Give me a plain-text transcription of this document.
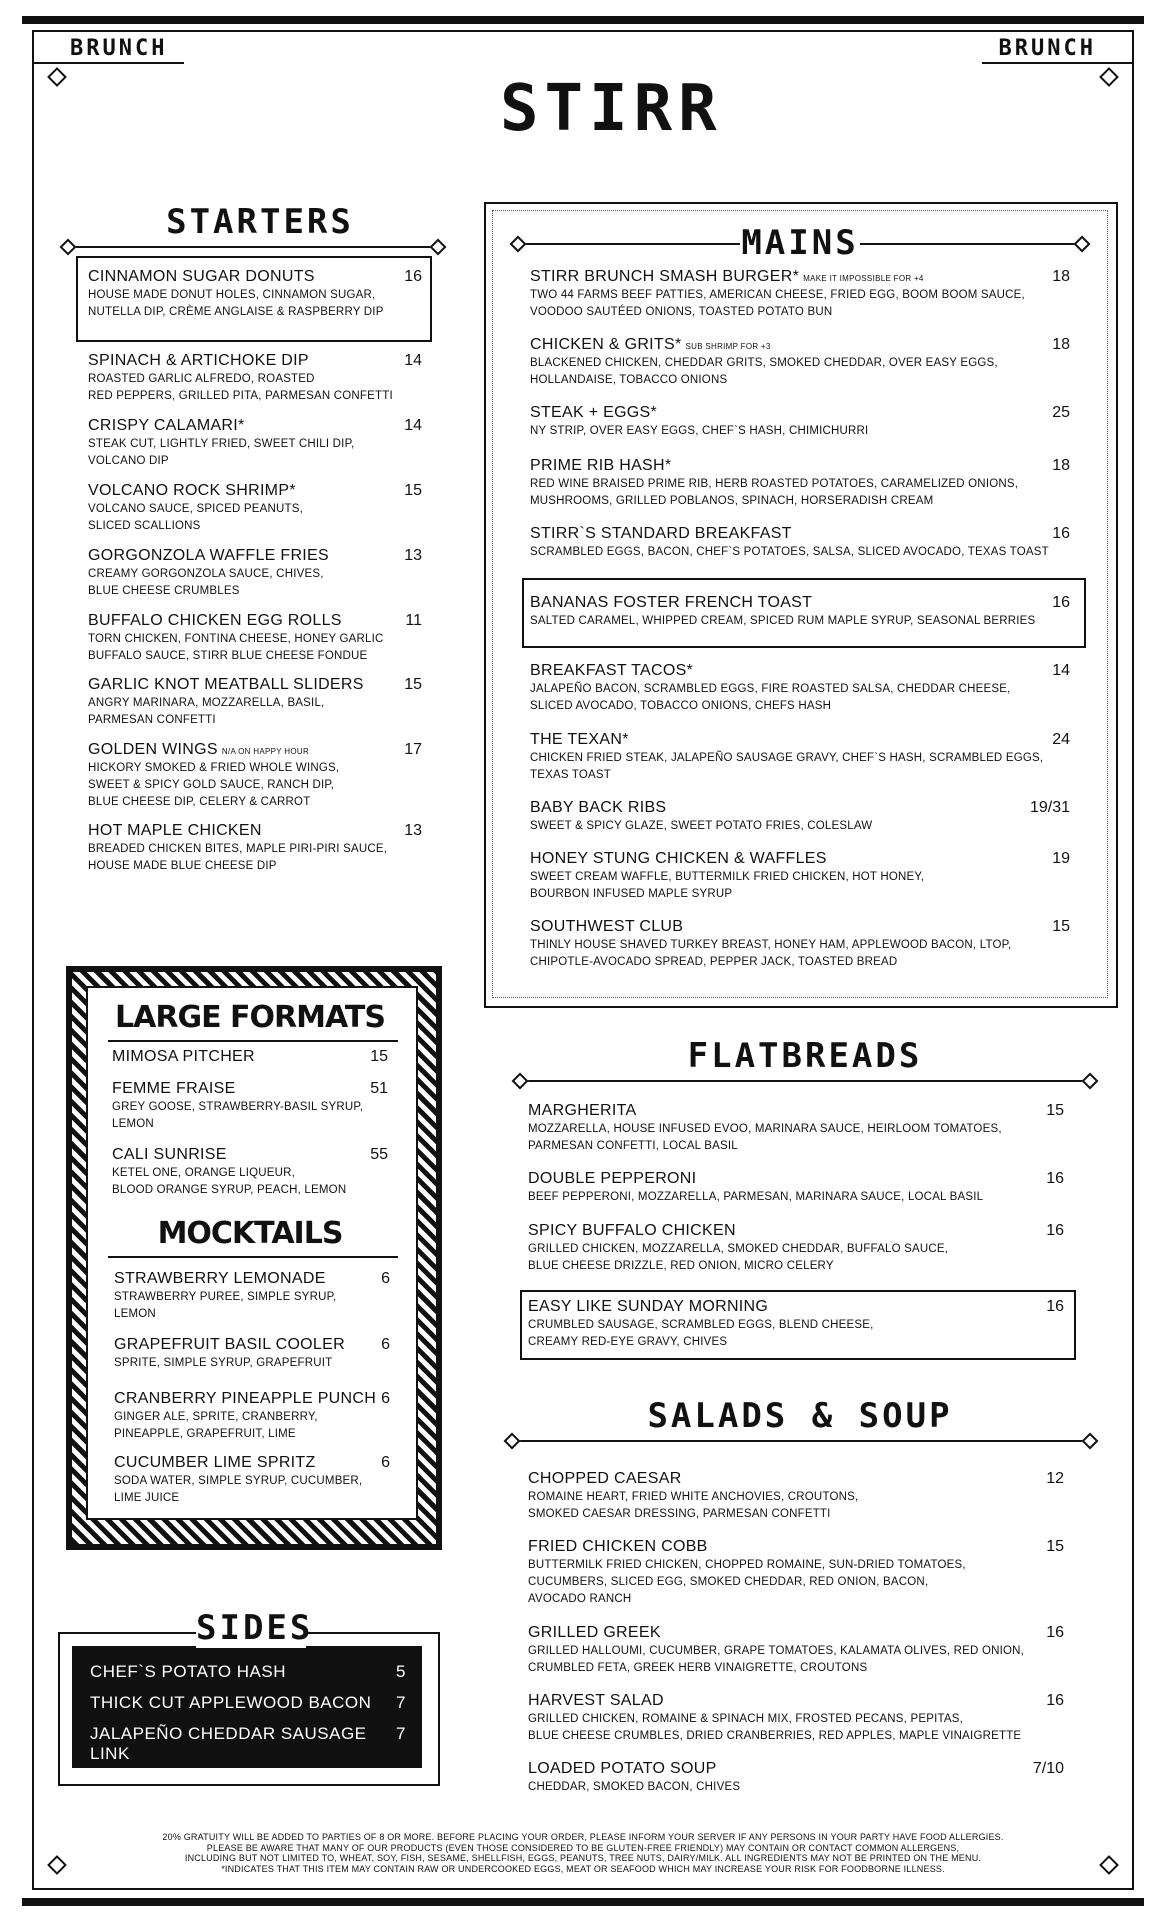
BRUNCH	BRUNCH
STIRR
STARTERS
CINNAMON SUGAR DONUTS	16
HOUSE MADE DONUT HOLES, CINNAMON SUGAR,
NUTELLA DIP, CRÈME ANGLAISE & RASPBERRY DIP
SPINACH & ARTICHOKE DIP	14
ROASTED GARLIC ALFREDO, ROASTED
RED PEPPERS, GRILLED PITA, PARMESAN CONFETTI
CRISPY CALAMARI*	14
STEAK CUT, LIGHTLY FRIED, SWEET CHILI DIP,
VOLCANO DIP
VOLCANO ROCK SHRIMP*	15
VOLCANO SAUCE, SPICED PEANUTS,
SLICED SCALLIONS
GORGONZOLA WAFFLE FRIES	13
CREAMY GORGONZOLA SAUCE, CHIVES,
BLUE CHEESE CRUMBLES
BUFFALO CHICKEN EGG ROLLS	11
TORN CHICKEN, FONTINA CHEESE, HONEY GARLIC
BUFFALO SAUCE, STIRR BLUE CHEESE FONDUE
GARLIC KNOT MEATBALL SLIDERS	15
ANGRY MARINARA, MOZZARELLA, BASIL,
PARMESAN CONFETTI
GOLDEN WINGS N/A ON HAPPY HOUR	17
HICKORY SMOKED & FRIED WHOLE WINGS,
SWEET & SPICY GOLD SAUCE, RANCH DIP,
BLUE CHEESE DIP, CELERY & CARROT
HOT MAPLE CHICKEN	13
BREADED CHICKEN BITES, MAPLE PIRI-PIRI SAUCE,
HOUSE MADE BLUE CHEESE DIP
MAINS
STIRR BRUNCH SMASH BURGER* MAKE IT IMPOSSIBLE FOR +4	18
TWO 44 FARMS BEEF PATTIES, AMERICAN CHEESE, FRIED EGG, BOOM BOOM SAUCE,
VOODOO SAUTÉED ONIONS, TOASTED POTATO BUN
CHICKEN & GRITS* SUB SHRIMP FOR +3	18
BLACKENED CHICKEN, CHEDDAR GRITS, SMOKED CHEDDAR, OVER EASY EGGS,
HOLLANDAISE, TOBACCO ONIONS
STEAK + EGGS*	25
NY STRIP, OVER EASY EGGS, CHEF`S HASH, CHIMICHURRI
PRIME RIB HASH*	18
RED WINE BRAISED PRIME RIB, HERB ROASTED POTATOES, CARAMELIZED ONIONS,
MUSHROOMS, GRILLED POBLANOS, SPINACH, HORSERADISH CREAM
STIRR`S STANDARD BREAKFAST	16
SCRAMBLED EGGS, BACON, CHEF`S POTATOES, SALSA, SLICED AVOCADO, TEXAS TOAST
BANANAS FOSTER FRENCH TOAST	16
SALTED CARAMEL, WHIPPED CREAM, SPICED RUM MAPLE SYRUP, SEASONAL BERRIES
BREAKFAST TACOS*	14
JALAPEÑO BACON, SCRAMBLED EGGS, FIRE ROASTED SALSA, CHEDDAR CHEESE,
SLICED AVOCADO, TOBACCO ONIONS, CHEFS HASH
THE TEXAN*	24
CHICKEN FRIED STEAK, JALAPEÑO SAUSAGE GRAVY, CHEF`S HASH, SCRAMBLED EGGS,
TEXAS TOAST
BABY BACK RIBS	19/31
SWEET & SPICY GLAZE, SWEET POTATO FRIES, COLESLAW
HONEY STUNG CHICKEN & WAFFLES	19
SWEET CREAM WAFFLE, BUTTERMILK FRIED CHICKEN, HOT HONEY,
BOURBON INFUSED MAPLE SYRUP
SOUTHWEST CLUB	15
THINLY HOUSE SHAVED TURKEY BREAST, HONEY HAM, APPLEWOOD BACON, LTOP,
CHIPOTLE-AVOCADO SPREAD, PEPPER JACK, TOASTED BREAD
LARGE FORMATS
MIMOSA PITCHER	15
FEMME FRAISE	51
GREY GOOSE, STRAWBERRY-BASIL SYRUP,
LEMON
CALI SUNRISE	55
KETEL ONE, ORANGE LIQUEUR,
BLOOD ORANGE SYRUP, PEACH, LEMON
MOCKTAILS
STRAWBERRY LEMONADE	6
STRAWBERRY PUREE, SIMPLE SYRUP,
LEMON
GRAPEFRUIT BASIL COOLER	6
SPRITE, SIMPLE SYRUP, GRAPEFRUIT
CRANBERRY PINEAPPLE PUNCH 6
GINGER ALE, SPRITE, CRANBERRY,
PINEAPPLE, GRAPEFRUIT, LIME
CUCUMBER LIME SPRITZ	6
SODA WATER, SIMPLE SYRUP, CUCUMBER,
LIME JUICE
SIDES
CHEF`S POTATO HASH	5
THICK CUT APPLEWOOD BACON 7
JALAPEÑO CHEDDAR SAUSAGE LINK
7
FLATBREADS
MARGHERITA	15
MOZZARELLA, HOUSE INFUSED EVOO, MARINARA SAUCE, HEIRLOOM TOMATOES,
PARMESAN CONFETTI, LOCAL BASIL
DOUBLE PEPPERONI	16
BEEF PEPPERONI, MOZZARELLA, PARMESAN, MARINARA SAUCE, LOCAL BASIL
SPICY BUFFALO CHICKEN	16
GRILLED CHICKEN, MOZZARELLA, SMOKED CHEDDAR, BUFFALO SAUCE,
BLUE CHEESE DRIZZLE, RED ONION, MICRO CELERY
EASY LIKE SUNDAY MORNING	16
CRUMBLED SAUSAGE, SCRAMBLED EGGS, BLEND CHEESE,
CREAMY RED-EYE GRAVY, CHIVES
SALADS & SOUP
CHOPPED CAESAR	12
ROMAINE HEART, FRIED WHITE ANCHOVIES, CROUTONS,
SMOKED CAESAR DRESSING, PARMESAN CONFETTI
FRIED CHICKEN COBB	15
BUTTERMILK FRIED CHICKEN, CHOPPED ROMAINE, SUN-DRIED TOMATOES,
CUCUMBERS, SLICED EGG, SMOKED CHEDDAR, RED ONION, BACON,
AVOCADO RANCH
GRILLED GREEK	16
GRILLED HALLOUMI, CUCUMBER, GRAPE TOMATOES, KALAMATA OLIVES, RED ONION,
CRUMBLED FETA, GREEK HERB VINAIGRETTE, CROUTONS
HARVEST SALAD	16
GRILLED CHICKEN, ROMAINE & SPINACH MIX, FROSTED PECANS, PEPITAS,
BLUE CHEESE CRUMBLES, DRIED CRANBERRIES, RED APPLES, MAPLE VINAIGRETTE
LOADED POTATO SOUP	7/10
CHEDDAR, SMOKED BACON, CHIVES
20% GRATUITY WILL BE ADDED TO PARTIES OF 8 OR MORE. BEFORE PLACING YOUR ORDER, PLEASE INFORM YOUR SERVER IF ANY PERSONS IN YOUR PARTY HAVE FOOD ALLERGIES.
PLEASE BE AWARE THAT MANY OF OUR PRODUCTS (EVEN THOSE CONSIDERED TO BE GLUTEN-FREE FRIENDLY) MAY CONTAIN OR CONTACT COMMON ALLERGENS,
INCLUDING BUT NOT LIMITED TO, WHEAT, SOY, FISH, SESAME, SHELLFISH, EGGS, PEANUTS, TREE NUTS, DAIRY/MILK. ALL INGREDIENTS MAY NOT BE PRINTED ON THE MENU.
*INDICATES THAT THIS ITEM MAY CONTAIN RAW OR UNDERCOOKED EGGS, MEAT OR SEAFOOD WHICH MAY INCREASE YOUR RISK FOR FOODBORNE ILLNESS.
